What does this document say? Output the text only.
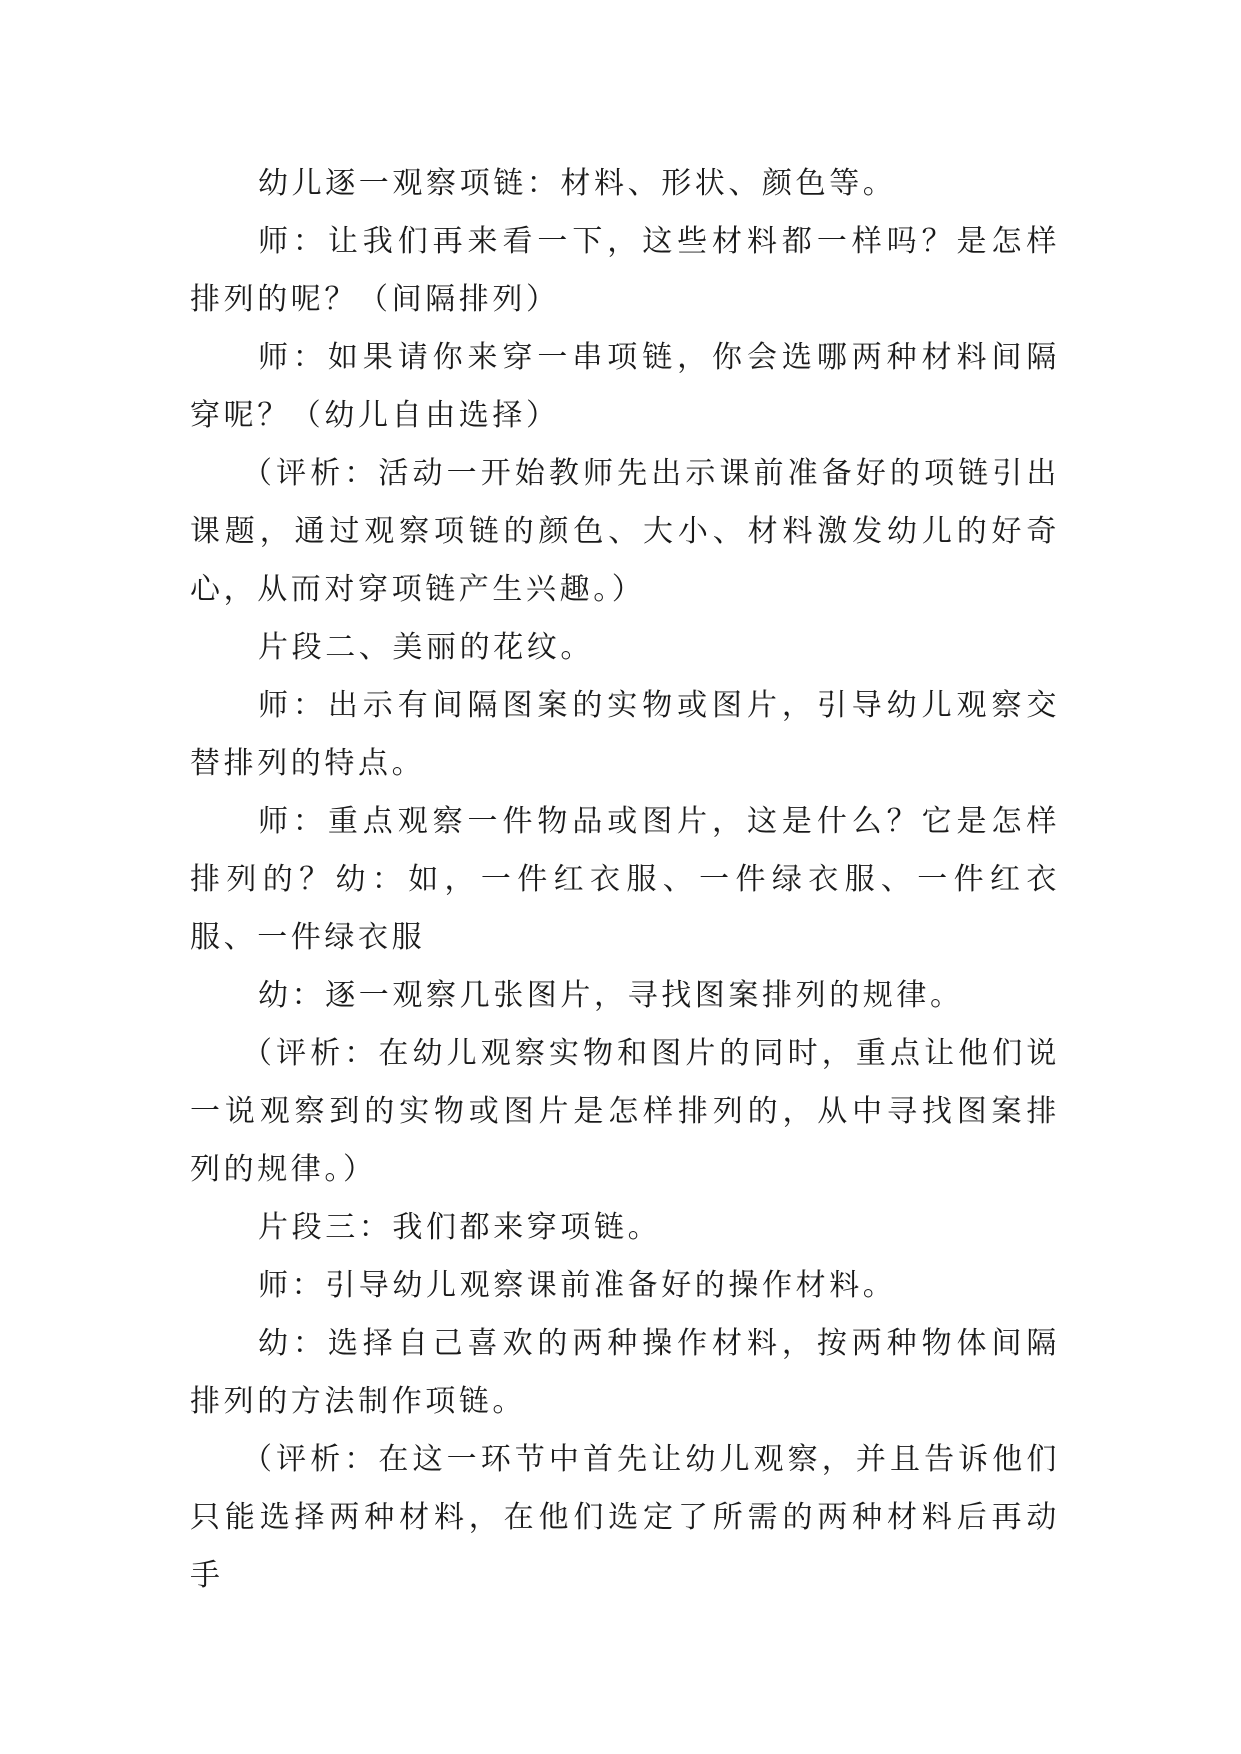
幼儿逐一观察项链：材料、形状、颜色等。

师：让我们再来看一下，这些材料都一样吗？是怎样排列的呢？（间隔排列）

师：如果请你来穿一串项链，你会选哪两种材料间隔穿呢？（幼儿自由选择）

（评析：活动一开始教师先出示课前准备好的项链引出课题，通过观察项链的颜色、大小、材料激发幼儿的好奇心，从而对穿项链产生兴趣。）

片段二、美丽的花纹。

师：出示有间隔图案的实物或图片，引导幼儿观察交替排列的特点。

师：重点观察一件物品或图片，这是什么？它是怎样排列的？幼：如，一件红衣服、一件绿衣服、一件红衣服、一件绿衣服

幼：逐一观察几张图片，寻找图案排列的规律。

（评析：在幼儿观察实物和图片的同时，重点让他们说一说观察到的实物或图片是怎样排列的，从中寻找图案排列的规律。）

片段三：我们都来穿项链。

师：引导幼儿观察课前准备好的操作材料。

幼：选择自己喜欢的两种操作材料，按两种物体间隔排列的方法制作项链。

（评析：在这一环节中首先让幼儿观察，并且告诉他们只能选择两种材料，在他们选定了所需的两种材料后再动手
